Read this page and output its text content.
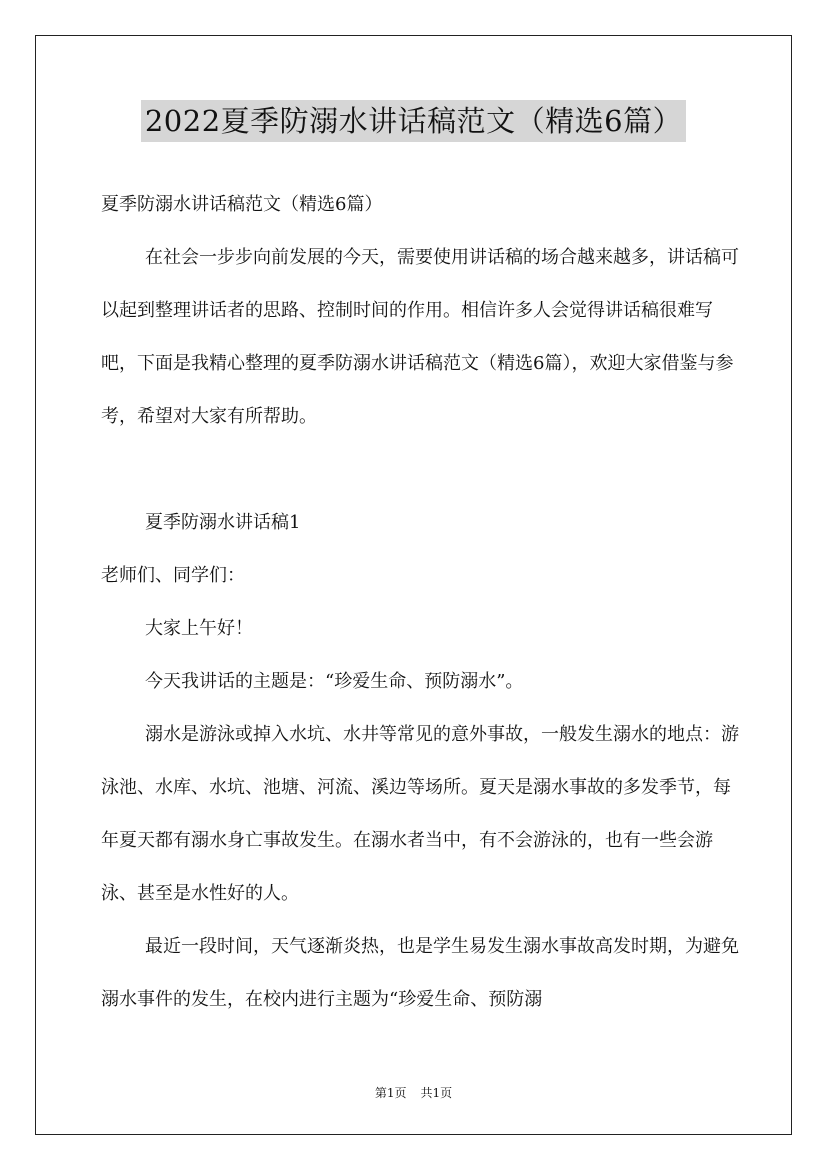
2022夏季防溺水讲话稿范文（精选6篇）

夏季防溺水讲话稿范文（精选6篇）

在社会一步步向前发展的今天，需要使用讲话稿的场合越来越多，讲话稿可以起到整理讲话者的思路、控制时间的作用。相信许多人会觉得讲话稿很难写吧，下面是我精心整理的夏季防溺水讲话稿范文（精选6篇），欢迎大家借鉴与参考，希望对大家有所帮助。

夏季防溺水讲话稿1

老师们、同学们：

大家上午好！

今天我讲话的主题是：“珍爱生命、预防溺水”。

溺水是游泳或掉入水坑、水井等常见的意外事故，一般发生溺水的地点：游泳池、水库、水坑、池塘、河流、溪边等场所。夏天是溺水事故的多发季节，每年夏天都有溺水身亡事故发生。在溺水者当中，有不会游泳的，也有一些会游泳、甚至是水性好的人。

最近一段时间，天气逐渐炎热，也是学生易发生溺水事故高发时期，为避免溺水事件的发生，在校内进行主题为“珍爱生命、预防溺

第1页 共1页
